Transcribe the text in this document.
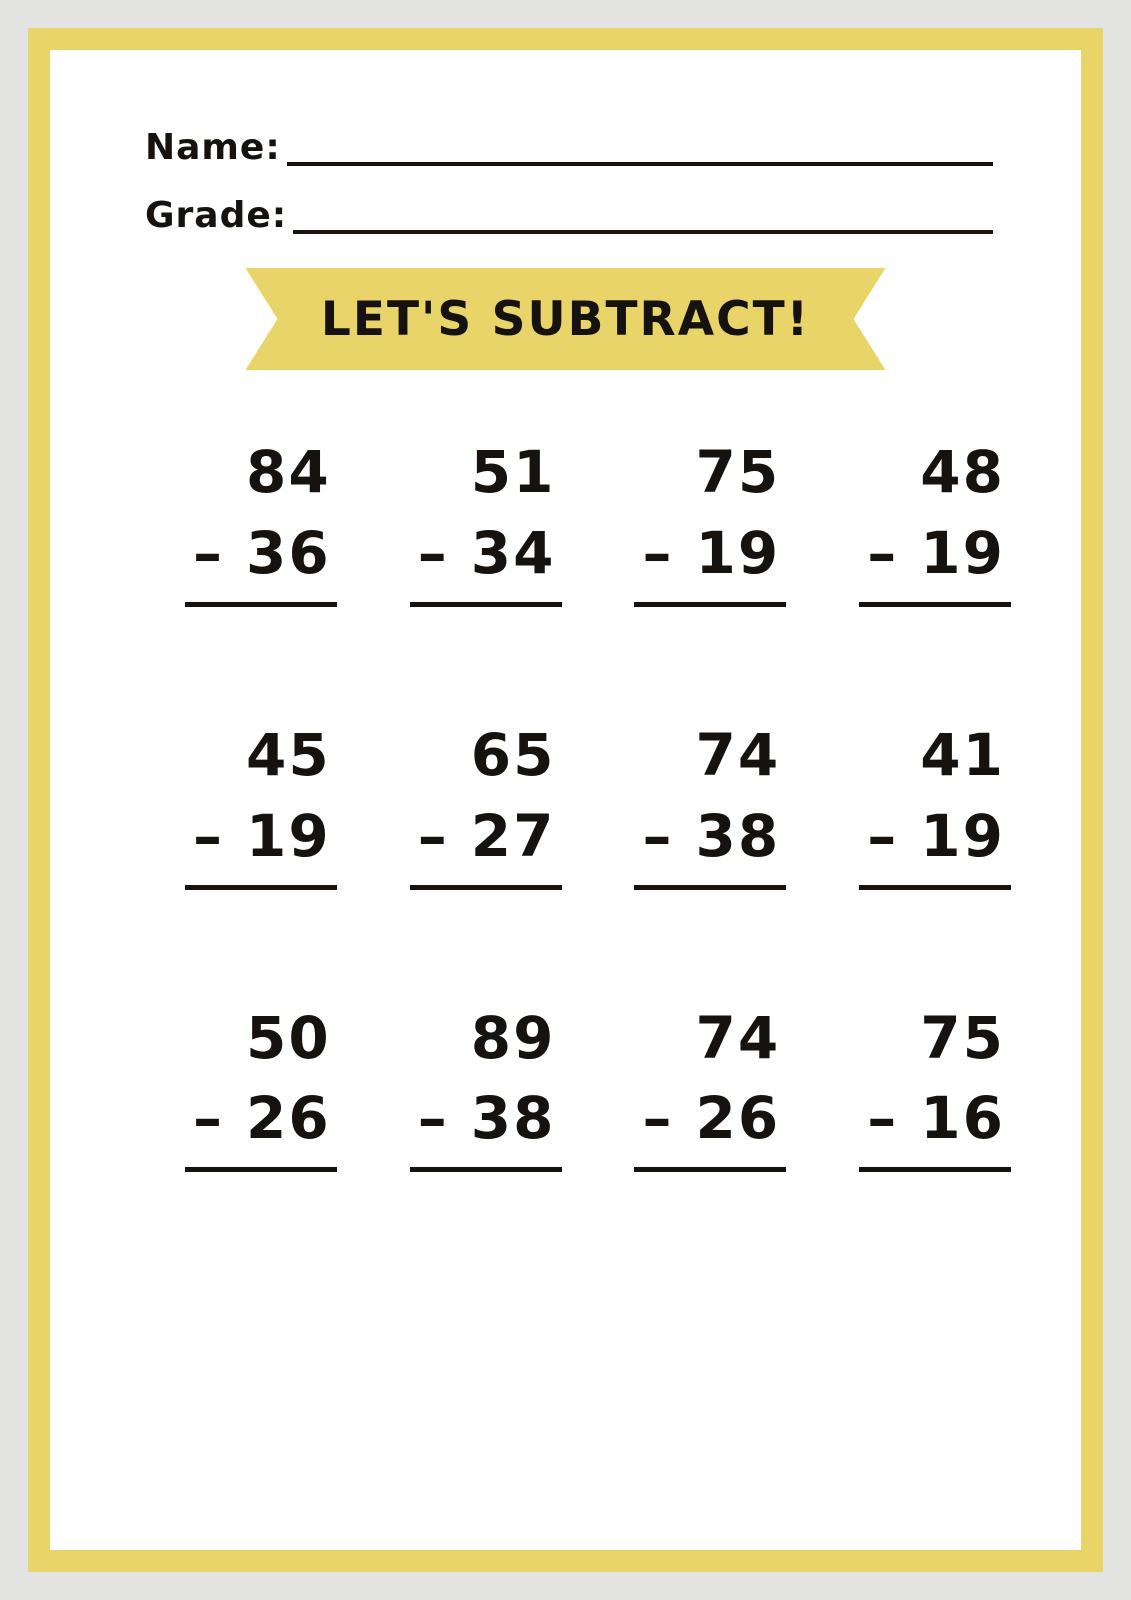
Name:
Grade:
LET'S SUBTRACT!
84
– 36
51
– 34
75
– 19
48
– 19
45
– 19
65
– 27
74
– 38
41
– 19
50
– 26
89
– 38
74
– 26
75
– 16
